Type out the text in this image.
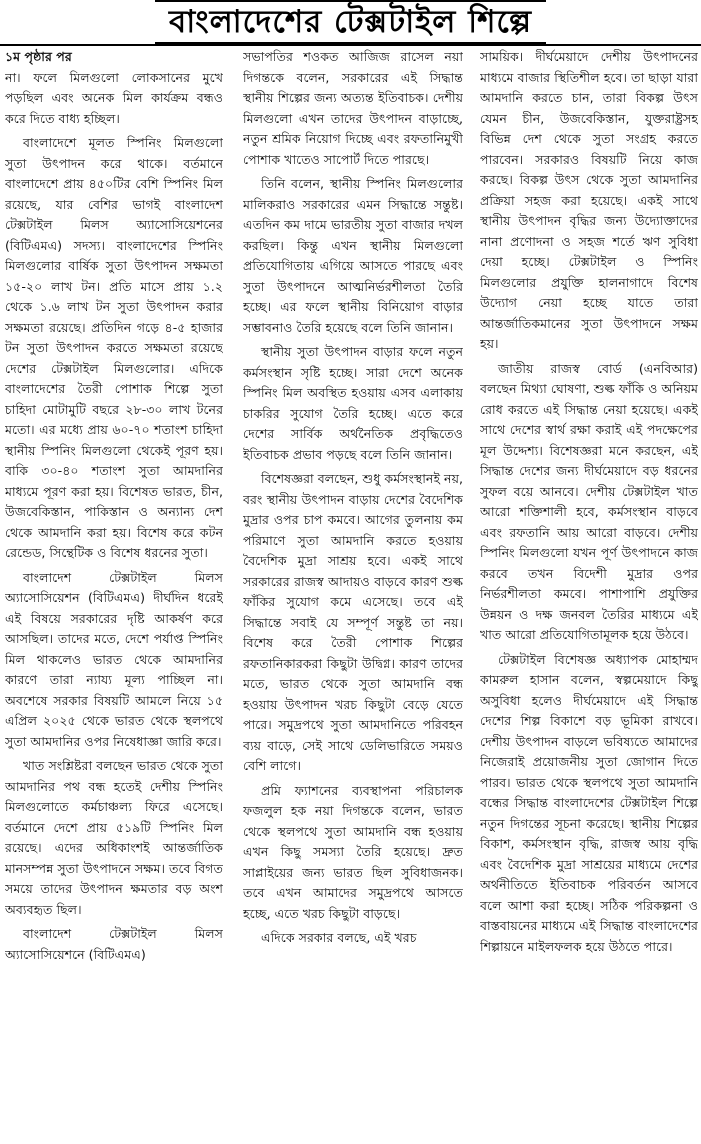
বাংলাদেশের টেক্সটাইল শিল্পে
১ম পৃষ্ঠার পর

না। ফলে মিলগুলো লোকসানের মুখে পড়ছিল এবং অনেক মিল কার্যক্রম বন্ধও করে দিতে বাধ্য হচ্ছিল।

বাংলাদেশে মূলত স্পিনিং মিলগুলো সুতা উৎপাদন করে থাকে। বর্তমানে বাংলাদেশে প্রায় ৪৫০টির বেশি স্পিনিং মিল রয়েছে, যার বেশির ভাগই বাংলাদেশ টেক্সটাইল মিলস অ্যাসোসিয়েশনের (বিটিএমএ) সদস্য। বাংলাদেশের স্পিনিং মিলগুলোর বার্ষিক সুতা উৎপাদন সক্ষমতা ১৫-২০ লাখ টন। প্রতি মাসে প্রায় ১.২ থেকে ১.৬ লাখ টন সুতা উৎপাদন করার সক্ষমতা রয়েছে। প্রতিদিন গড়ে ৪-৫ হাজার টন সুতা উৎপাদন করতে সক্ষমতা রয়েছে দেশের টেক্সটাইল মিলগুলোর। এদিকে বাংলাদেশের তৈরী পোশাক শিল্পে সুতা চাহিদা মোটামুটি বছরে ২৮-৩০ লাখ টনের মতো। এর মধ্যে প্রায় ৬০-৭০ শতাংশ চাহিদা স্থানীয় স্পিনিং মিলগুলো থেকেই পূরণ হয়। বাকি ৩০-৪০ শতাংশ সুতা আমদানির মাধ্যমে পূরণ করা হয়। বিশেষত ভারত, চীন, উজবেকিস্তান, পাকিস্তান ও অন্যান্য দেশ থেকে আমদানি করা হয়। বিশেষ করে কটন রেন্ডেড, সিন্থেটিক ও বিশেষ ধরনের সুতা।

বাংলাদেশ টেক্সটাইল মিলস অ্যাসোসিয়েশন (বিটিএমএ) দীর্ঘদিন ধরেই এই বিষয়ে সরকারের দৃষ্টি আকর্ষণ করে আসছিল। তাদের মতে, দেশে পর্যাপ্ত স্পিনিং মিল থাকলেও ভারত থেকে আমদানির কারণে তারা ন্যায্য মূল্য পাচ্ছিল না। অবশেষে সরকার বিষয়টি আমলে নিয়ে ১৫ এপ্রিল ২০২৫ থেকে ভারত থেকে স্থলপথে সুতা আমদানির ওপর নিষেধাজ্ঞা জারি করে।

খাত সংশ্লিষ্টরা বলছেন ভারত থেকে সুতা আমদানির পথ বন্ধ হতেই দেশীয় স্পিনিং মিলগুলোতে কর্মচাঞ্চল্য ফিরে এসেছে। বর্তমানে দেশে প্রায় ৫১৯টি স্পিনিং মিল রয়েছে। এদের অধিকাংশই আন্তর্জাতিক মানসম্পন্ন সুতা উৎপাদনে সক্ষম। তবে বিগত সময়ে তাদের উৎপাদন ক্ষমতার বড় অংশ অব্যবহৃত ছিল।

বাংলাদেশ টেক্সটাইল মিলস অ্যাসোসিয়েশনে (বিটিএমএ)

সভাপতির শওকত আজিজ রাসেল নয়া দিগন্তকে বলেন, সরকারের এই সিদ্ধান্ত স্থানীয় শিল্পের জন্য অত্যন্ত ইতিবাচক। দেশীয় মিলগুলো এখন তাদের উৎপাদন বাড়াচ্ছে, নতুন শ্রমিক নিয়োগ দিচ্ছে এবং রফতানিমুখী পোশাক খাতেও সাপোর্ট দিতে পারছে।

তিনি বলেন, স্থানীয় স্পিনিং মিলগুলোর মালিকরাও সরকারের এমন সিদ্ধান্তে সন্তুষ্ট। এতদিন কম দামে ভারতীয় সুতা বাজার দখল করছিল। কিন্তু এখন স্থানীয় মিলগুলো প্রতিযোগিতায় এগিয়ে আসতে পারছে এবং সুতা উৎপাদনে আত্মনির্ভরশীলতা তৈরি হচ্ছে। এর ফলে স্থানীয় বিনিয়োগ বাড়ার সম্ভাবনাও তৈরি হয়েছে বলে তিনি জানান।

স্থানীয় সুতা উৎপাদন বাড়ার ফলে নতুন কর্মসংস্থান সৃষ্টি হচ্ছে। সারা দেশে অনেক স্পিনিং মিল অবস্থিত হওয়ায় এসব এলাকায় চাকরির সুযোগ তৈরি হচ্ছে। এতে করে দেশের সার্বিক অর্থনৈতিক প্রবৃদ্ধিতেও ইতিবাচক প্রভাব পড়ছে বলে তিনি জানান।

বিশেষজ্ঞরা বলছেন, শুধু কর্মসংস্থানই নয়, বরং স্থানীয় উৎপাদন বাড়ায় দেশের বৈদেশিক মুদ্রার ওপর চাপ কমবে। আগের তুলনায় কম পরিমাণে সুতা আমদানি করতে হওয়ায় বৈদেশিক মুদ্রা সাশ্রয় হবে। একই সাথে সরকারের রাজস্ব আদায়ও বাড়বে কারণ শুল্ক ফাঁকির সুযোগ কমে এসেছে। তবে এই সিদ্ধান্তে সবাই যে সম্পূর্ণ সন্তুষ্ট তা নয়। বিশেষ করে তৈরী পোশাক শিল্পের রফতানিকারকরা কিছুটা উদ্বিগ্ন। কারণ তাদের মতে, ভারত থেকে সুতা আমদানি বন্ধ হওয়ায় উৎপাদন খরচ কিছুটা বেড়ে যেতে পারে। সমুদ্রপথে সুতা আমদানিতে পরিবহন ব্যয় বাড়ে, সেই সাথে ডেলিভারিতে সময়ও বেশি লাগে।

প্রমি ফ্যাশনের ব্যবস্থাপনা পরিচালক ফজলুল হক নয়া দিগন্তকে বলেন, ভারত থেকে স্থলপথে সুতা আমদানি বন্ধ হওয়ায় এখন কিছু সমস্যা তৈরি হয়েছে। দ্রুত সাপ্লাইয়ের জন্য ভারত ছিল সুবিধাজনক। তবে এখন আমাদের সমুদ্রপথে আসতে হচ্ছে, এতে খরচ কিছুটা বাড়ছে।

এদিকে সরকার বলছে, এই খরচ

সাময়িক। দীর্ঘমেয়াদে দেশীয় উৎপাদনের মাধ্যমে বাজার স্থিতিশীল হবে। তা ছাড়া যারা আমদানি করতে চান, তারা বিকল্প উৎস যেমন চীন, উজবেকিস্তান, যুক্তরাষ্ট্রসহ বিভিন্ন দেশ থেকে সুতা সংগ্রহ করতে পারবেন। সরকারও বিষয়টি নিয়ে কাজ করছে। বিকল্প উৎস থেকে সুতা আমদানির প্রক্রিয়া সহজ করা হয়েছে। একই সাথে স্থানীয় উৎপাদন বৃদ্ধির জন্য উদ্যোক্তাদের নানা প্রণোদনা ও সহজ শর্তে ঋণ সুবিধা দেয়া হচ্ছে। টেক্সটাইল ও স্পিনিং মিলগুলোর প্রযুক্তি হালনাগাদে বিশেষ উদ্যোগ নেয়া হচ্ছে যাতে তারা আন্তর্জাতিকমানের সুতা উৎপাদনে সক্ষম হয়।

জাতীয় রাজস্ব বোর্ড (এনবিআর) বলছেন মিথ্যা ঘোষণা, শুল্ক ফাঁকি ও অনিয়ম রোধ করতে এই সিদ্ধান্ত নেয়া হয়েছে। একই সাথে দেশের স্বার্থ রক্ষা করাই এই পদক্ষেপের মূল উদ্দেশ্য। বিশেষজ্ঞরা মনে করছেন, এই সিদ্ধান্ত দেশের জন্য দীর্ঘমেয়াদে বড় ধরনের সুফল বয়ে আনবে। দেশীয় টেক্সটাইল খাত আরো শক্তিশালী হবে, কর্মসংস্থান বাড়বে এবং রফতানি আয় আরো বাড়বে। দেশীয় স্পিনিং মিলগুলো যখন পূর্ণ উৎপাদনে কাজ করবে তখন বিদেশী মুদ্রার ওপর নির্ভরশীলতা কমবে। পাশাপাশি প্রযুক্তির উন্নয়ন ও দক্ষ জনবল তৈরির মাধ্যমে এই খাত আরো প্রতিযোগিতামূলক হয়ে উঠবে।

টেক্সটাইল বিশেষজ্ঞ অধ্যাপক মোহাম্মদ কামরুল হাসান বলেন, স্বল্পমেয়াদে কিছু অসুবিধা হলেও দীর্ঘমেয়াদে এই সিদ্ধান্ত দেশের শিল্প বিকাশে বড় ভূমিকা রাখবে। দেশীয় উৎপাদন বাড়লে ভবিষ্যতে আমাদের নিজেরাই প্রয়োজনীয় সুতা জোগান দিতে পারব। ভারত থেকে স্থলপথে সুতা আমদানি বন্ধের সিদ্ধান্ত বাংলাদেশের টেক্সটাইল শিল্পে নতুন দিগন্তের সূচনা করেছে। স্থানীয় শিল্পের বিকাশ, কর্মসংস্থান বৃদ্ধি, রাজস্ব আয় বৃদ্ধি এবং বৈদেশিক মুদ্রা সাশ্রয়ের মাধ্যমে দেশের অর্থনীতিতে ইতিবাচক পরিবর্তন আসবে বলে আশা করা হচ্ছে। সঠিক পরিকল্পনা ও বাস্তবায়নের মাধ্যমে এই সিদ্ধান্ত বাংলাদেশের শিল্পায়নে মাইলফলক হয়ে উঠতে পারে।
